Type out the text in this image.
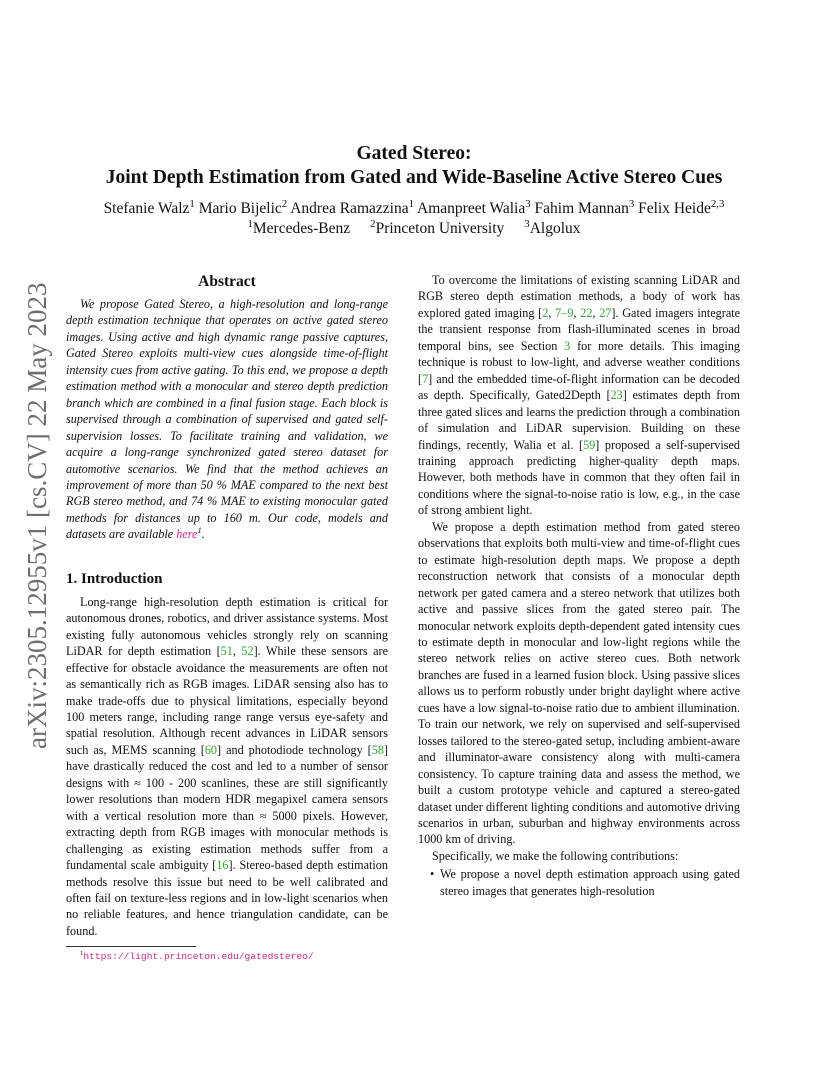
Gated Stereo:
Joint Depth Estimation from Gated and Wide-Baseline Active Stereo Cues
Stefanie Walz$^1$ Mario Bijelic$^2$ Andrea Ramazzina$^1$ Amanpreet Walia$^3$ Fahim Mannan$^3$ Felix Heide$^{2,3}$
$^1$Mercedes-Benz $^2$Princeton University $^3$Algolux
arXiv:2305.12955v1 [cs.CV] 22 May 2023
Abstract

We propose Gated Stereo, a high-resolution and long-range depth estimation technique that operates on active gated stereo images. Using active and high dynamic range passive captures, Gated Stereo exploits multi-view cues alongside time-of-flight intensity cues from active gating. To this end, we propose a depth estimation method with a monocular and stereo depth prediction branch which are combined in a final fusion stage. Each block is supervised through a combination of supervised and gated self-supervision losses. To facilitate training and validation, we acquire a long-range synchronized gated stereo dataset for automotive scenarios. We find that the method achieves an improvement of more than 50 % MAE compared to the next best RGB stereo method, and 74 % MAE to existing monocular gated methods for distances up to 160 m. Our code, models and datasets are available here$^1$.

1. Introduction

Long-range high-resolution depth estimation is critical for autonomous drones, robotics, and driver assistance systems. Most existing fully autonomous vehicles strongly rely on scanning LiDAR for depth estimation [51, 52]. While these sensors are effective for obstacle avoidance the measurements are often not as semantically rich as RGB images. LiDAR sensing also has to make trade-offs due to physical limitations, especially beyond 100 meters range, including range range versus eye-safety and spatial resolution. Although recent advances in LiDAR sensors such as, MEMS scanning [60] and photodiode technology [58] have drastically reduced the cost and led to a number of sensor designs with ≈ 100 - 200 scanlines, these are still significantly lower resolutions than modern HDR megapixel camera sensors with a vertical resolution more than ≈ 5000 pixels. However, extracting depth from RGB images with monocular methods is challenging as existing estimation methods suffer from a fundamental scale ambiguity [16]. Stereo-based depth estimation methods resolve this issue but need to be well calibrated and often fail on texture-less regions and in low-light scenarios when no reliable features, and hence triangulation candidate, can be found.

To overcome the limitations of existing scanning LiDAR and RGB stereo depth estimation methods, a body of work has explored gated imaging [2, 7–9, 22, 27]. Gated imagers integrate the transient response from flash-illuminated scenes in broad temporal bins, see Section 3 for more details. This imaging technique is robust to low-light, and adverse weather conditions [7] and the embedded time-of-flight information can be decoded as depth. Specifically, Gated2Depth [23] estimates depth from three gated slices and learns the prediction through a combination of simulation and LiDAR supervision. Building on these findings, recently, Walia et al. [59] proposed a self-supervised training approach predicting higher-quality depth maps. However, both methods have in common that they often fail in conditions where the signal-to-noise ratio is low, e.g., in the case of strong ambient light.

We propose a depth estimation method from gated stereo observations that exploits both multi-view and time-of-flight cues to estimate high-resolution depth maps. We propose a depth reconstruction network that consists of a monocular depth network per gated camera and a stereo network that utilizes both active and passive slices from the gated stereo pair. The monocular network exploits depth-dependent gated intensity cues to estimate depth in monocular and low-light regions while the stereo network relies on active stereo cues. Both network branches are fused in a learned fusion block. Using passive slices allows us to perform robustly under bright daylight where active cues have a low signal-to-noise ratio due to ambient illumination. To train our network, we rely on supervised and self-supervised losses tailored to the stereo-gated setup, including ambient-aware and illuminator-aware consistency along with multi-camera consistency. To capture training data and assess the method, we built a custom prototype vehicle and captured a stereo-gated dataset under different lighting conditions and automotive driving scenarios in urban, suburban and highway environments across 1000 km of driving.

Specifically, we make the following contributions:

• We propose a novel depth estimation approach using gated stereo images that generates high-resolution
$^1$https://light.princeton.edu/gatedstereo/
